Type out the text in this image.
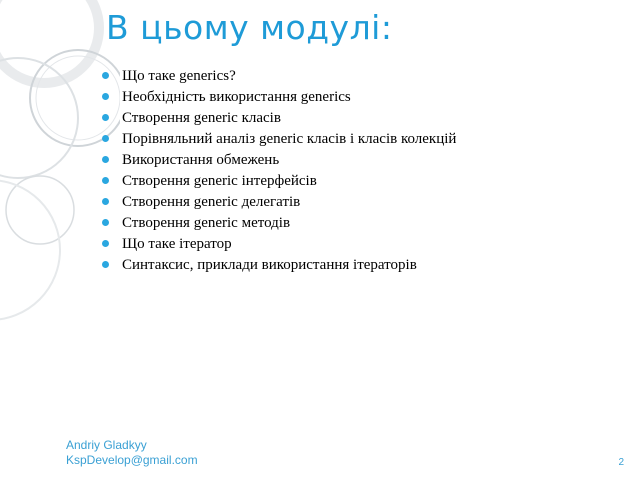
В цьому модулі:
Що таке generics?
Необхідність використання generics
Створення generic класів
Порівняльний аналіз generic класів і класів колекцій
Використання обмежень
Створення generic інтерфейсів
Створення generic делегатів
Створення generic методів
Що таке ітератор
Синтаксис, приклади використання ітераторів
Andriy Gladkyy
KspDevelop@gmail.com	2
